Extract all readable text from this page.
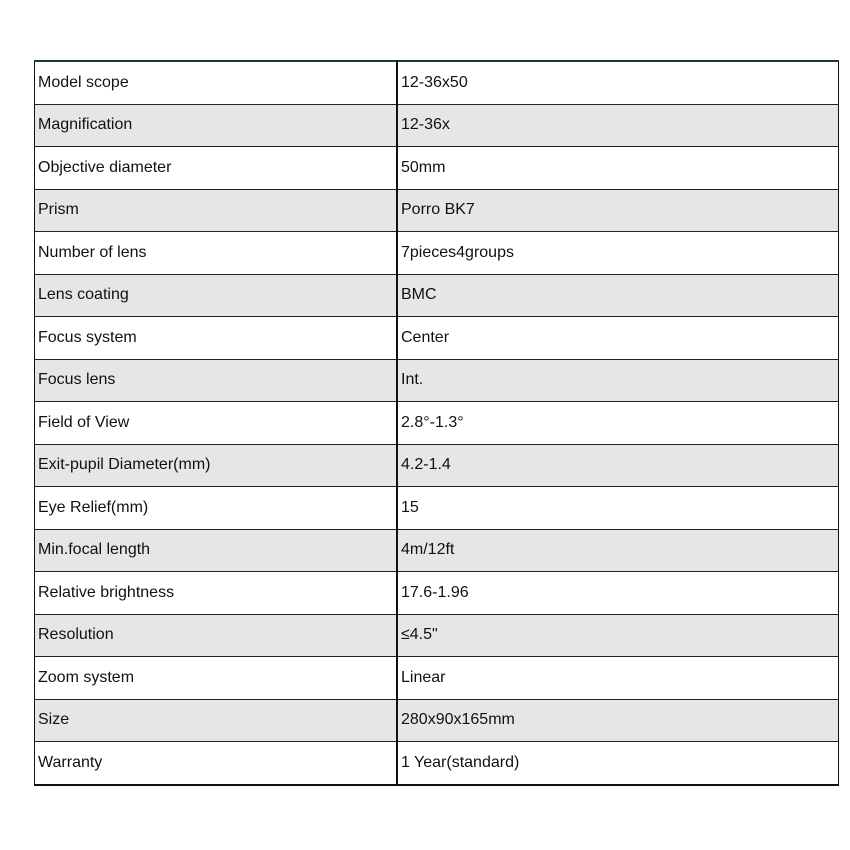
Model scope	12-36x50
Magnification	12-36x
Objective diameter	50mm
Prism	Porro BK7
Number of lens	7pieces4groups
Lens coating	BMC
Focus system	Center
Focus lens	Int.
Field of View	2.8°-1.3°
Exit-pupil Diameter(mm)	4.2-1.4
Eye Relief(mm)	15
Min.focal length	4m/12ft
Relative brightness	17.6-1.96
Resolution	≤4.5"
Zoom system	Linear
Size	280x90x165mm
Warranty	1 Year(standard)
